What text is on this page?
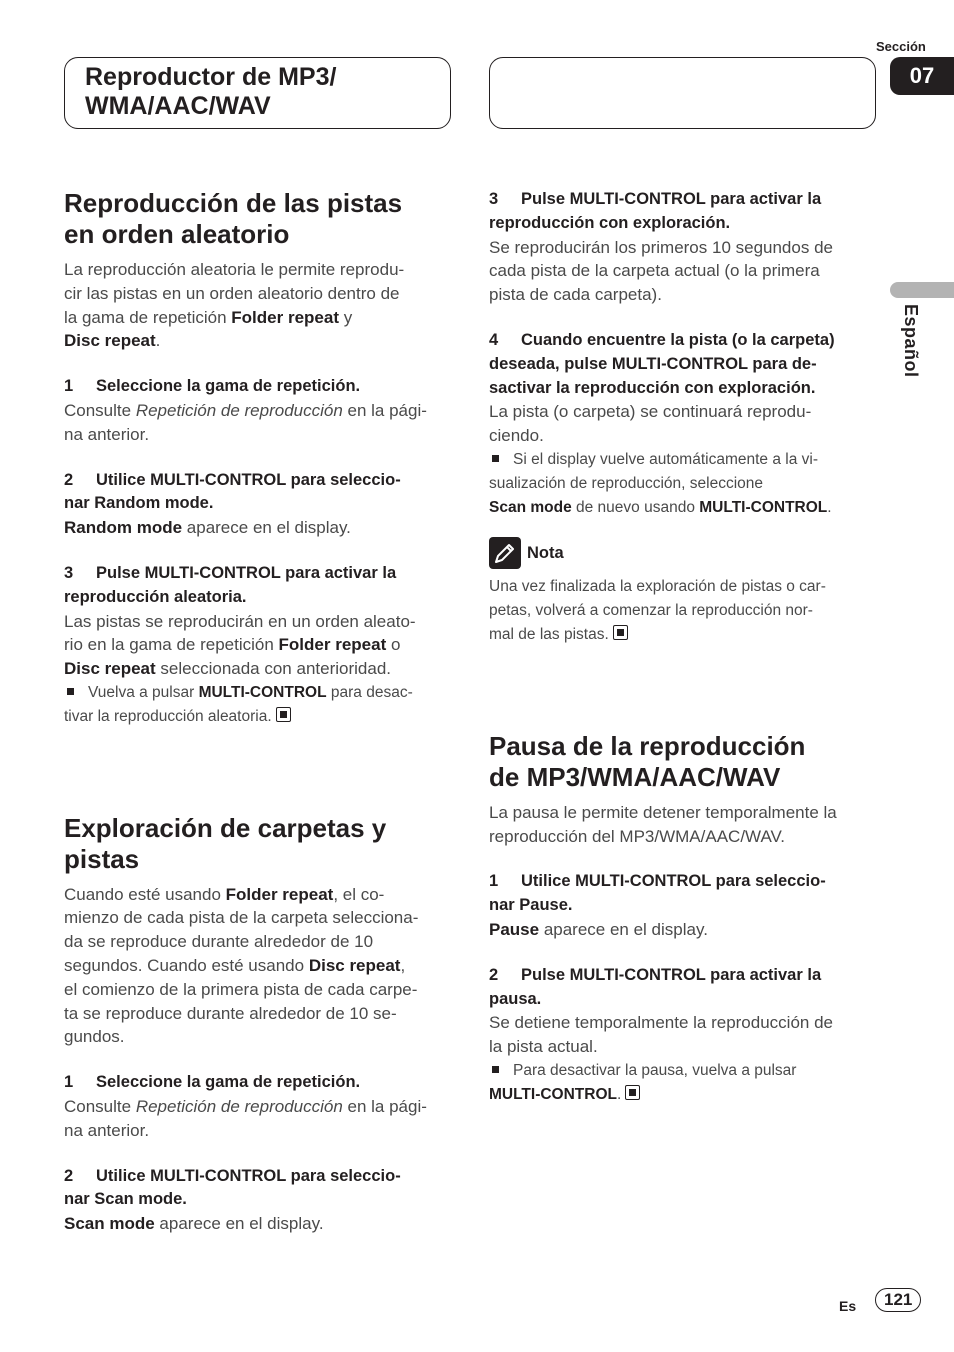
Reproductor de MP3/
WMA/AAC/WAV
Sección
07
Español
Reproducción de las pistas
en orden aleatorio

La reproducción aleatoria le permite reprodu-
cir las pistas en un orden aleatorio dentro de
la gama de repetición Folder repeat y
Disc repeat.

1 Seleccione la gama de repetición.

Consulte Repetición de reproducción en la pági-
na anterior.

2 Utilice MULTI-CONTROL para seleccio-
nar Random mode.

Random mode aparece en el display.

3 Pulse MULTI-CONTROL para activar la
reproducción aleatoria.

Las pistas se reproducirán en un orden aleato-
rio en la gama de repetición Folder repeat o
Disc repeat seleccionada con anterioridad.

Vuelva a pulsar MULTI-CONTROL para desac-
tivar la reproducción aleatoria.

Exploración de carpetas y
pistas

Cuando esté usando Folder repeat, el co-
mienzo de cada pista de la carpeta selecciona-
da se reproduce durante alrededor de 10
segundos. Cuando esté usando Disc repeat,
el comienzo de la primera pista de cada carpe-
ta se reproduce durante alrededor de 10 se-
gundos.

1 Seleccione la gama de repetición.

Consulte Repetición de reproducción en la pági-
na anterior.

2 Utilice MULTI-CONTROL para seleccio-
nar Scan mode.

Scan mode aparece en el display.

3 Pulse MULTI-CONTROL para activar la
reproducción con exploración.

Se reproducirán los primeros 10 segundos de
cada pista de la carpeta actual (o la primera
pista de cada carpeta).

4 Cuando encuentre la pista (o la carpeta)
deseada, pulse MULTI-CONTROL para de-
sactivar la reproducción con exploración.

La pista (o carpeta) se continuará reprodu-
ciendo.

Si el display vuelve automáticamente a la vi-
sualización de reproducción, seleccione
Scan mode de nuevo usando MULTI-CONTROL.

Nota

Una vez finalizada la exploración de pistas o car-
petas, volverá a comenzar la reproducción nor-
mal de las pistas.

Pausa de la reproducción
de MP3/WMA/AAC/WAV

La pausa le permite detener temporalmente la
reproducción del MP3/WMA/AAC/WAV.

1 Utilice MULTI-CONTROL para seleccio-
nar Pause.

Pause aparece en el display.

2 Pulse MULTI-CONTROL para activar la
pausa.

Se detiene temporalmente la reproducción de
la pista actual.

Para desactivar la pausa, vuelva a pulsar
MULTI-CONTROL.

Es	121
